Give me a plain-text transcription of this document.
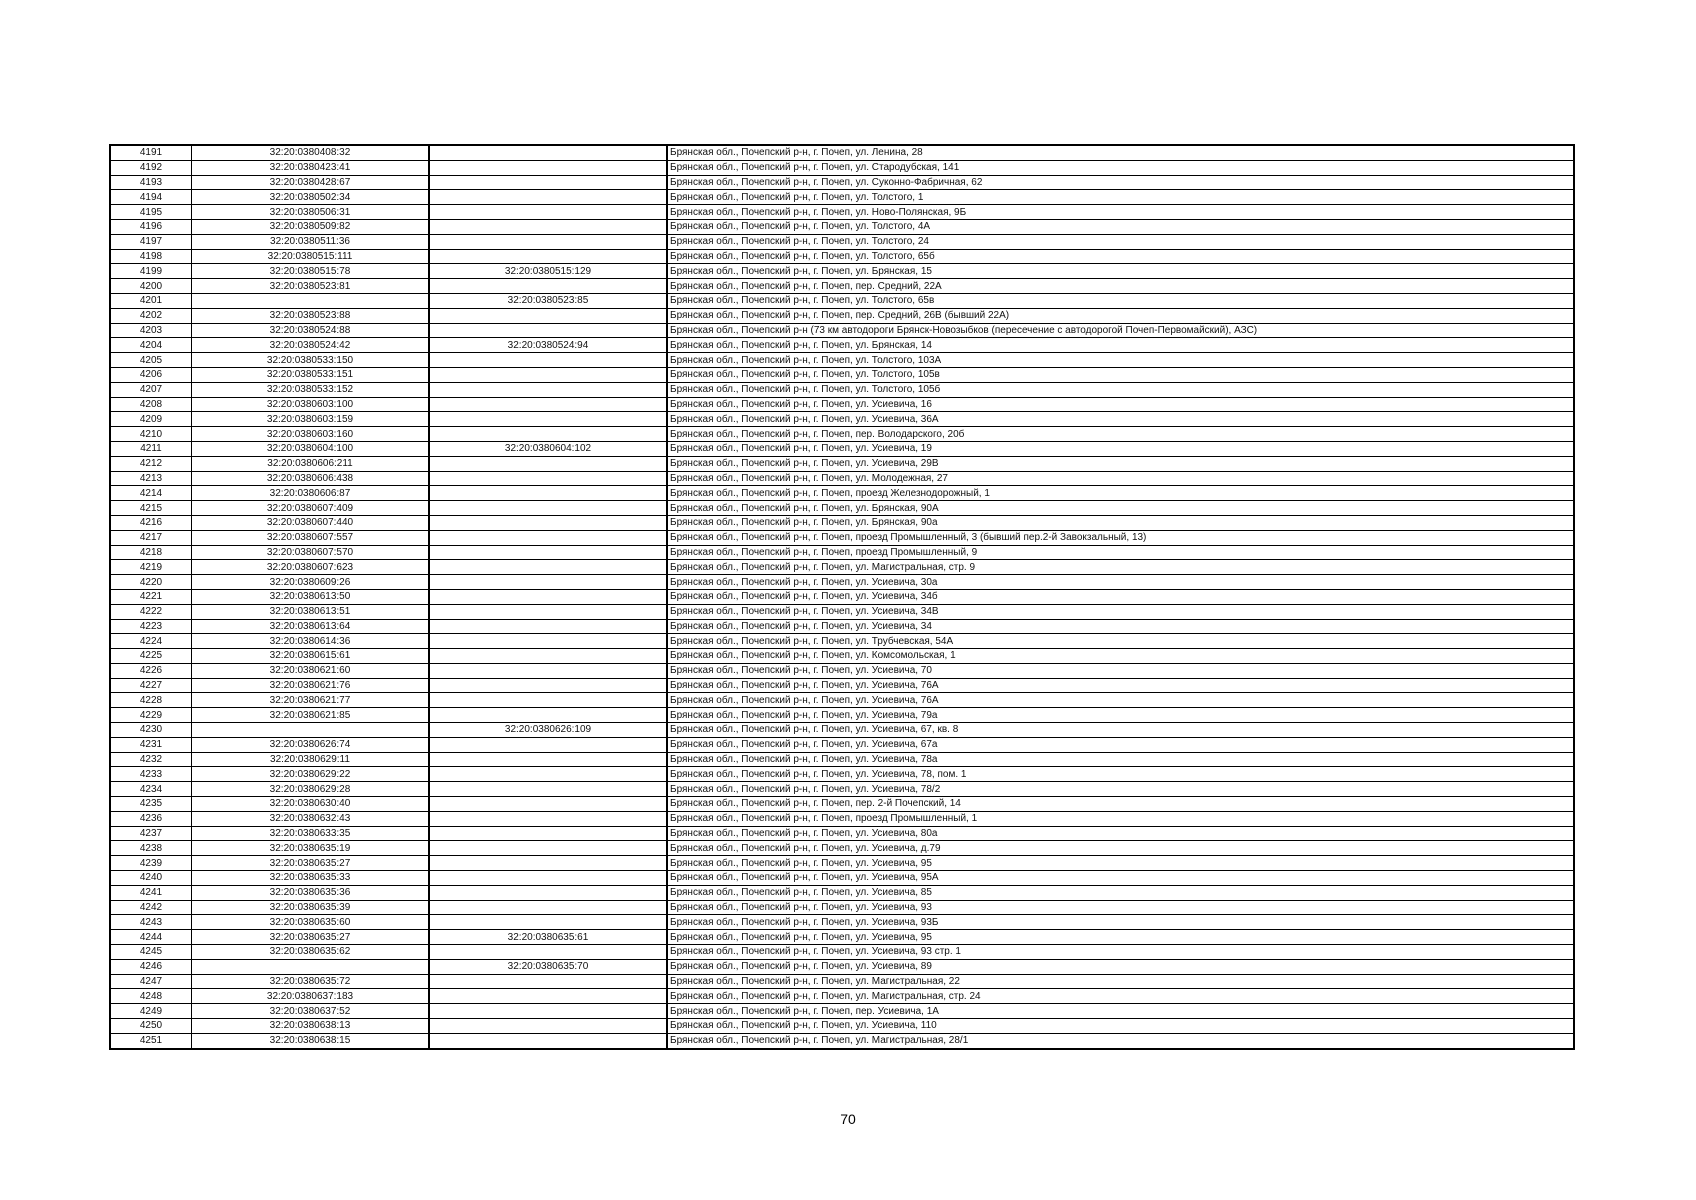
4191	32:20:0380408:32		Брянская обл., Почепский р-н, г. Почеп, ул. Ленина, 28
4192	32:20:0380423:41		Брянская обл., Почепский р-н, г. Почеп, ул. Стародубская, 141
4193	32:20:0380428:67		Брянская обл., Почепский р-н, г. Почеп, ул. Суконно-Фабричная, 62
4194	32:20:0380502:34		Брянская обл., Почепский р-н, г. Почеп, ул. Толстого, 1
4195	32:20:0380506:31		Брянская обл., Почепский р-н, г. Почеп, ул. Ново-Полянская, 9Б
4196	32:20:0380509:82		Брянская обл., Почепский р-н, г. Почеп, ул. Толстого, 4А
4197	32:20:0380511:36		Брянская обл., Почепский р-н, г. Почеп, ул. Толстого, 24
4198	32:20:0380515:111		Брянская обл., Почепский р-н, г. Почеп, ул. Толстого, 65б
4199	32:20:0380515:78	32:20:0380515:129	Брянская обл., Почепский р-н, г. Почеп, ул. Брянская, 15
4200	32:20:0380523:81		Брянская обл., Почепский р-н, г. Почеп, пер. Средний, 22А
4201		32:20:0380523:85	Брянская обл., Почепский р-н, г. Почеп, ул. Толстого, 65в
4202	32:20:0380523:88		Брянская обл., Почепский р-н, г. Почеп, пер. Средний, 26В (бывший 22А)
4203	32:20:0380524:88		Брянская обл., Почепский р-н (73 км автодороги Брянск-Новозыбков (пересечение с автодорогой Почеп-Первомайский), АЗС)
4204	32:20:0380524:42	32:20:0380524:94	Брянская обл., Почепский р-н, г. Почеп, ул. Брянская, 14
4205	32:20:0380533:150		Брянская обл., Почепский р-н, г. Почеп, ул. Толстого, 103А
4206	32:20:0380533:151		Брянская обл., Почепский р-н, г. Почеп, ул. Толстого, 105в
4207	32:20:0380533:152		Брянская обл., Почепский р-н, г. Почеп, ул. Толстого, 105б
4208	32:20:0380603:100		Брянская обл., Почепский р-н, г. Почеп, ул. Усиевича, 16
4209	32:20:0380603:159		Брянская обл., Почепский р-н, г. Почеп, ул. Усиевича, 36А
4210	32:20:0380603:160		Брянская обл., Почепский р-н, г. Почеп, пер. Володарского, 20б
4211	32:20:0380604:100	32:20:0380604:102	Брянская обл., Почепский р-н, г. Почеп, ул. Усиевича, 19
4212	32:20:0380606:211		Брянская обл., Почепский р-н, г. Почеп, ул. Усиевича, 29В
4213	32:20:0380606:438		Брянская обл., Почепский р-н, г. Почеп, ул. Молодежная, 27
4214	32:20:0380606:87		Брянская обл., Почепский р-н, г. Почеп, проезд Железнодорожный, 1
4215	32:20:0380607:409		Брянская обл., Почепский р-н, г. Почеп, ул. Брянская, 90А
4216	32:20:0380607:440		Брянская обл., Почепский р-н, г. Почеп, ул. Брянская, 90а
4217	32:20:0380607:557		Брянская обл., Почепский р-н, г. Почеп, проезд Промышленный, 3 (бывший пер.2-й Завокзальный, 13)
4218	32:20:0380607:570		Брянская обл., Почепский р-н, г. Почеп, проезд Промышленный, 9
4219	32:20:0380607:623		Брянская обл., Почепский р-н, г. Почеп, ул. Магистральная, стр. 9
4220	32:20:0380609:26		Брянская обл., Почепский р-н, г. Почеп, ул. Усиевича, 30а
4221	32:20:0380613:50		Брянская обл., Почепский р-н, г. Почеп, ул. Усиевича, 34б
4222	32:20:0380613:51		Брянская обл., Почепский р-н, г. Почеп, ул. Усиевича, 34В
4223	32:20:0380613:64		Брянская обл., Почепский р-н, г. Почеп, ул. Усиевича, 34
4224	32:20:0380614:36		Брянская обл., Почепский р-н, г. Почеп, ул. Трубчевская, 54А
4225	32:20:0380615:61		Брянская обл., Почепский р-н, г. Почеп, ул. Комсомольская, 1
4226	32:20:0380621:60		Брянская обл., Почепский р-н, г. Почеп, ул. Усиевича, 70
4227	32:20:0380621:76		Брянская обл., Почепский р-н, г. Почеп, ул. Усиевича, 76А
4228	32:20:0380621:77		Брянская обл., Почепский р-н, г. Почеп, ул. Усиевича, 76А
4229	32:20:0380621:85		Брянская обл., Почепский р-н, г. Почеп, ул. Усиевича, 79а
4230		32:20:0380626:109	Брянская обл., Почепский р-н, г. Почеп, ул. Усиевича, 67, кв. 8
4231	32:20:0380626:74		Брянская обл., Почепский р-н, г. Почеп, ул. Усиевича, 67а
4232	32:20:0380629:11		Брянская обл., Почепский р-н, г. Почеп, ул. Усиевича, 78а
4233	32:20:0380629:22		Брянская обл., Почепский р-н, г. Почеп, ул. Усиевича, 78, пом. 1
4234	32:20:0380629:28		Брянская обл., Почепский р-н, г. Почеп, ул. Усиевича, 78/2
4235	32:20:0380630:40		Брянская обл., Почепский р-н, г. Почеп, пер. 2-й Почепский, 14
4236	32:20:0380632:43		Брянская обл., Почепский р-н, г. Почеп, проезд Промышленный, 1
4237	32:20:0380633:35		Брянская обл., Почепский р-н, г. Почеп, ул. Усиевича, 80а
4238	32:20:0380635:19		Брянская обл., Почепский р-н, г. Почеп, ул. Усиевича, д.79
4239	32:20:0380635:27		Брянская обл., Почепский р-н, г. Почеп, ул. Усиевича, 95
4240	32:20:0380635:33		Брянская обл., Почепский р-н, г. Почеп, ул. Усиевича, 95А
4241	32:20:0380635:36		Брянская обл., Почепский р-н, г. Почеп, ул. Усиевича, 85
4242	32:20:0380635:39		Брянская обл., Почепский р-н, г. Почеп, ул. Усиевича, 93
4243	32:20:0380635:60		Брянская обл., Почепский р-н, г. Почеп, ул. Усиевича, 93Б
4244	32:20:0380635:27	32:20:0380635:61	Брянская обл., Почепский р-н, г. Почеп, ул. Усиевича, 95
4245	32:20:0380635:62		Брянская обл., Почепский р-н, г. Почеп, ул. Усиевича, 93 стр. 1
4246		32:20:0380635:70	Брянская обл., Почепский р-н, г. Почеп, ул. Усиевича, 89
4247	32:20:0380635:72		Брянская обл., Почепский р-н, г. Почеп, ул. Магистральная, 22
4248	32:20:0380637:183		Брянская обл., Почепский р-н, г. Почеп, ул. Магистральная, стр. 24
4249	32:20:0380637:52		Брянская обл., Почепский р-н, г. Почеп, пер. Усиевича, 1А
4250	32:20:0380638:13		Брянская обл., Почепский р-н, г. Почеп, ул. Усиевича, 110
4251	32:20:0380638:15		Брянская обл., Почепский р-н, г. Почеп, ул. Магистральная, 28/1
70
